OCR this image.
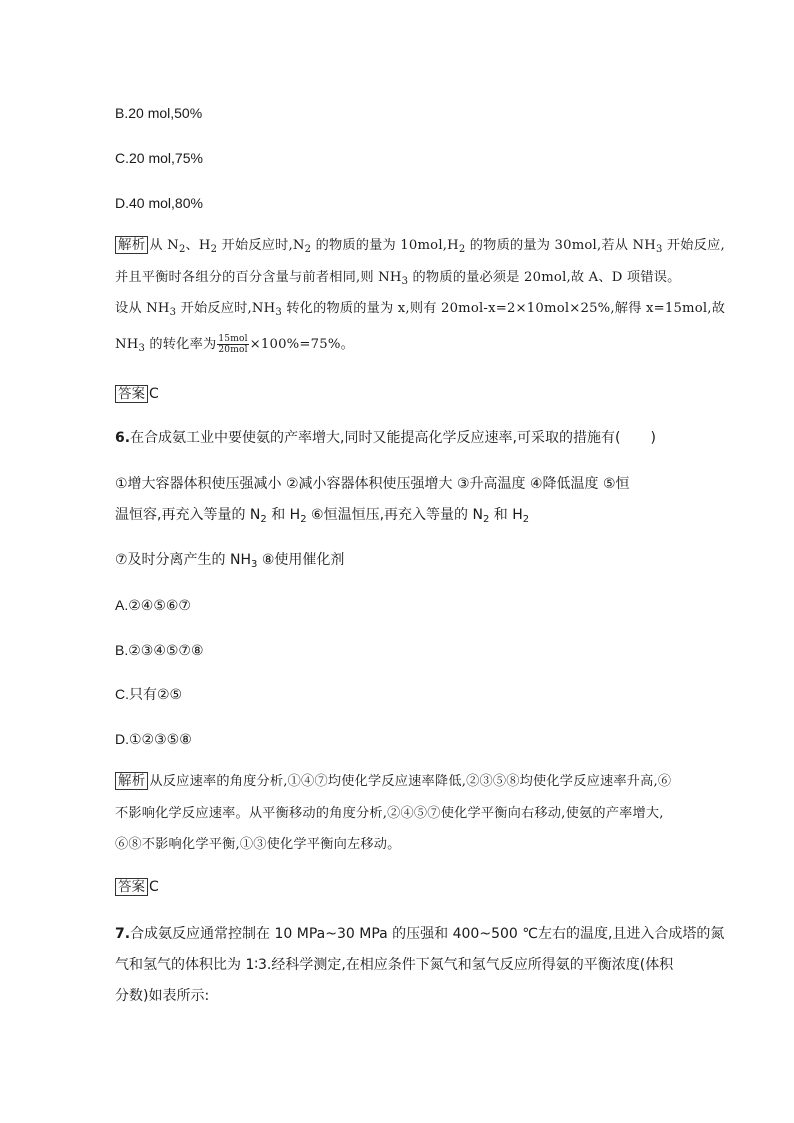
B.20 mol,50%
C.20 mol,75%
D.40 mol,80%
解析 从 $N_2$、$H_2$ 开始反应时$,N_2$ 的物质的量为 $10mol,H_2$ 的物质的量为 30mol,若从 $NH_3$ 开始反应,
并且平衡时各组分的百分含量与前者相同,则 $NH_3$ 的物质的量必须是 20mol,故 A、D 项错误。
设从 $NH_3$ 开始反应时$,NH_3$ 转化的物质的量为 x,则有 20mol-x=2×10mol×25%,解得 x=15mol,故
$NH_3$ 的转化率为 $\frac{\text{15mol}}{\text{20mol}} \times 100\%=75\%$。
答案 C
6.在合成氨工业中要使氨的产率增大,同时又能提高化学反应速率,可采取的措施有( )
①增大容器体积使压强减小 ②减小容器体积使压强增大 ③升高温度 ④降低温度 ⑤恒
温恒容,再充入等量的 $N_2$ 和 $H_2$ ⑥恒温恒压,再充入等量的 $N_2$ 和 $H_2$
⑦及时分离产生的 $NH_3$ ⑧使用催化剂
A.②④⑤⑥⑦
B.②③④⑤⑦⑧
C.只有②⑤
D.①②③⑤⑧
解析 从反应速率的角度分析,①④⑦均使化学反应速率降低,②③⑤⑧均使化学反应速率升高,⑥
不影响化学反应速率。从平衡移动的角度分析,②④⑤⑦使化学平衡向右移动,使氨的产率增大,
⑥⑧不影响化学平衡,①③使化学平衡向左移动。
答案 C
7.合成氨反应通常控制在 10 MPa~30 MPa 的压强和 400~500 ℃左右的温度,且进入合成塔的氮
气和氢气的体积比为 1∶3.经科学测定,在相应条件下氮气和氢气反应所得氨的平衡浓度(体积
分数)如表所示:
